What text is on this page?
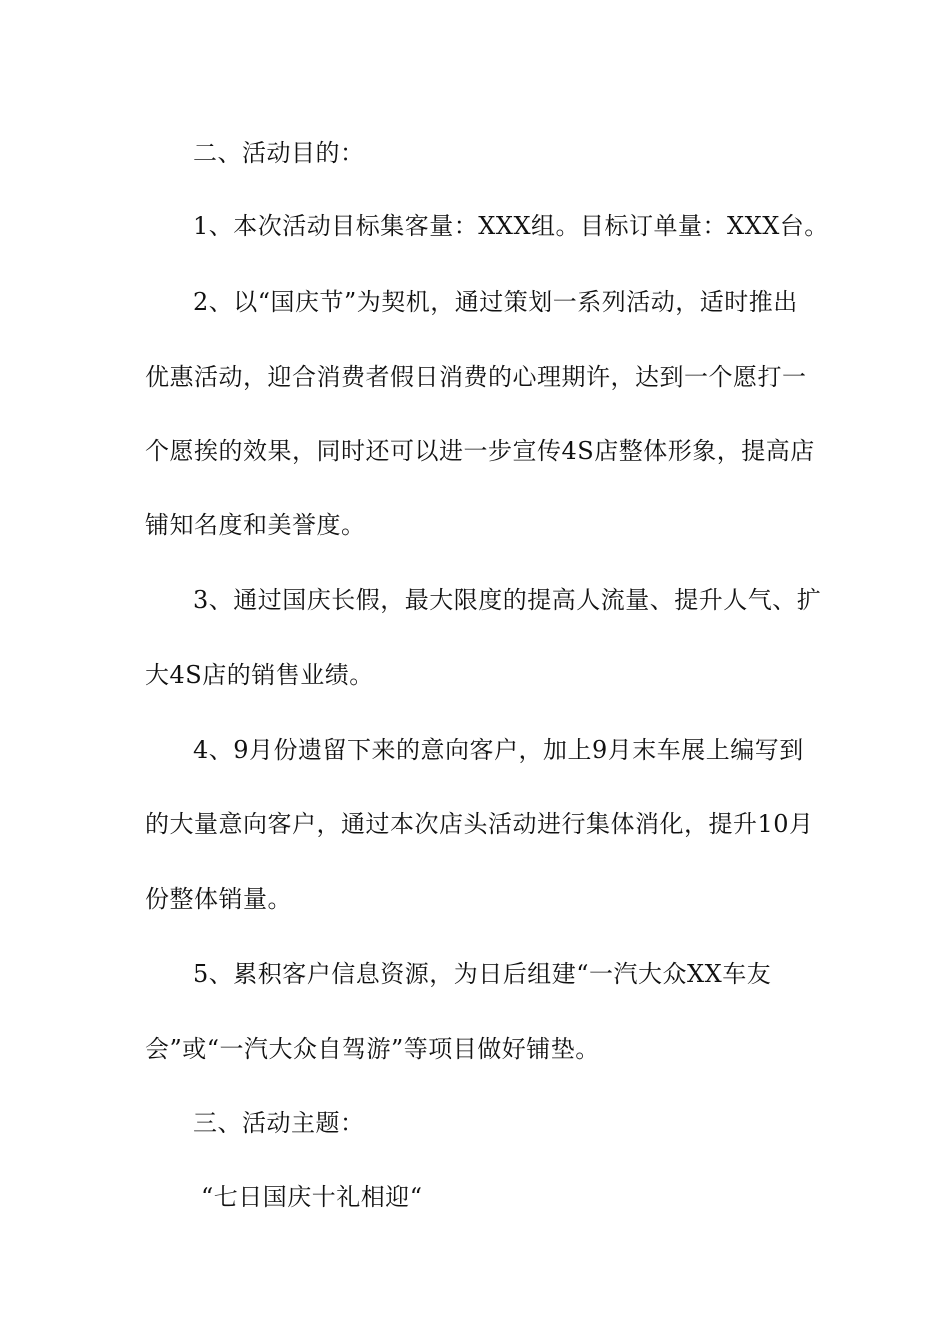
二、活动目的：
1、本次活动目标集客量：XXX组。目标订单量：XXX台。
2、以“国庆节”为契机，通过策划一系列活动，适时推出
优惠活动，迎合消费者假日消费的心理期许，达到一个愿打一
个愿挨的效果，同时还可以进一步宣传4S店整体形象，提高店
铺知名度和美誉度。
3、通过国庆长假，最大限度的提高人流量、提升人气、扩
大4S店的销售业绩。
4、9月份遗留下来的意向客户，加上9月末车展上编写到
的大量意向客户，通过本次店头活动进行集体消化，提升10月
份整体销量。
5、累积客户信息资源，为日后组建“一汽大众XX车友
会”或“一汽大众自驾游”等项目做好铺垫。
三、活动主题：
“七日国庆十礼相迎“
